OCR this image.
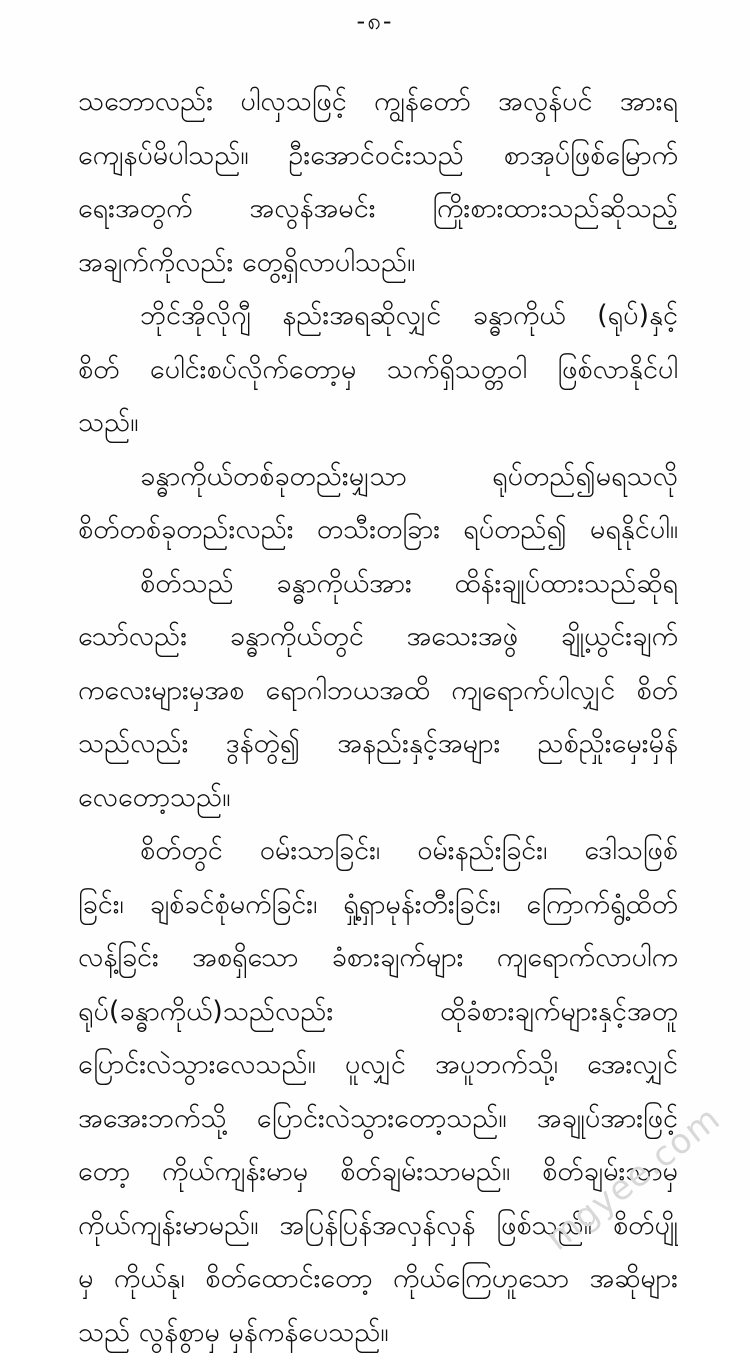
-၈-
သဘောလည်း ပါလှသဖြင့် ကျွန်တော် အလွန်ပင် အားရ
ကျေနပ်မိပါသည်။ ဦးအောင်ဝင်းသည် စာအုပ်ဖြစ်မြောက်
ရေးအတွက် အလွန်အမင်း ကြိုးစားထားသည်ဆိုသည့်
အချက်ကိုလည်း တွေ့ရှိလာပါသည်။
ဘိုင်အိုလိုဂျီ နည်းအရဆိုလျှင် ခန္ဓာကိုယ် (ရုပ်)နှင့်
စိတ် ပေါင်းစပ်လိုက်တော့မှ သက်ရှိသတ္တဝါ ဖြစ်လာနိုင်ပါ
သည်။
ခန္ဓာကိုယ်တစ်ခုတည်းမျှသာ ရုပ်တည်၍မရသလို
စိတ်တစ်ခုတည်းလည်း တသီးတခြား ရပ်တည်၍ မရနိုင်ပါ။
စိတ်သည် ခန္ဓာကိုယ်အား ထိန်းချုပ်ထားသည်ဆိုရ
သော်လည်း ခန္ဓာကိုယ်တွင် အသေးအဖွဲ ချို့ယွင်းချက်
ကလေးများမှအစ ရောဂါဘယအထိ ကျရောက်ပါလျှင် စိတ်
သည်လည်း ဒွန်တွဲ၍ အနည်းနှင့်အများ ညစ်ညှိုးမှေးမှိန်
လေတော့သည်။
စိတ်တွင် ဝမ်းသာခြင်း၊ ဝမ်းနည်းခြင်း၊ ဒေါသဖြစ်
ခြင်း၊ ချစ်ခင်စုံမက်ခြင်း၊ ရှုံ့ရှာမုန်းတီးခြင်း၊ ကြောက်ရွံ့ထိတ်
လန့်ခြင်း အစရှိသော ခံစားချက်များ ကျရောက်လာပါက
ရုပ်(ခန္ဓာကိုယ်)သည်လည်း ထိုခံစားချက်များနှင့်အတူ
ပြောင်းလဲသွားလေသည်။ ပူလျှင် အပူဘက်သို့၊ အေးလျှင်
အအေးဘက်သို့ ပြောင်းလဲသွားတော့သည်။ အချုပ်အားဖြင့်
တော့ ကိုယ်ကျန်းမာမှ စိတ်ချမ်းသာမည်။ စိတ်ချမ်းသာမှ
ကိုယ်ကျန်းမာမည်။ အပြန်ပြန်အလှန်လှန် ဖြစ်သည်။ စိတ်ပျို
မှ ကိုယ်နု၊ စိတ်ထောင်းတော့ ကိုယ်ကြေဟူသော အဆိုများ
သည် လွန်စွာမှ မှန်ကန်ပေသည်။
mgyee.com
